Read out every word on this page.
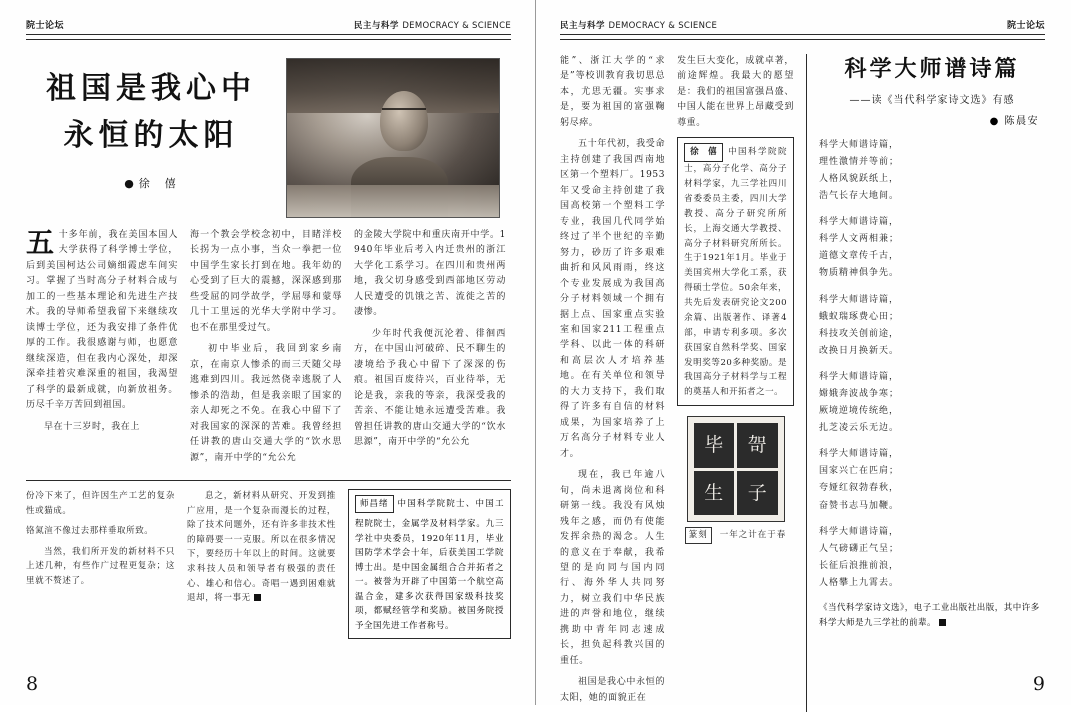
院士论坛	民主与科学 DEMOCRACY & SCIENCE
祖国是我心中
永恒的太阳
● 徐　僖

五十多年前，我在美国本国人大学获得了科学博士学位，后到美国柯达公司嫡细霞虑车间实习。掌握了当时高分子材料合成与加工的一些基本理论和先进生产技术。我的导师希望我留下来继续攻读博士学位，还为我安排了条件优厚的工作。我很感谢与师，也愿意继续深造，但在我内心深处，却深深牵挂着灾难深重的祖国，我渴望了科学的最新成就，向新放祖务。历尽千辛万苦回到祖国。

早在十三岁时，我在上

海一个教会学校念初中，目睹洋校长拐为一点小事，当众一拳把一位中国学生家长打到在地。我年幼的心受到了巨大的震撼，深深感到那些受屈的同学故学，学屈辱和蒙辱几十工里远的光华大学附中学习。也不在那里受过气。

初中毕业后，我回到家乡南京，在南京人惨杀的而三天随父母逃难到四川。我远然侥幸逃脱了人惨杀的浩劫，但是我亲眼了国家的亲人却死之不免。在我心中留下了对我国家的深深的苦难。我曾经担任讲教的唐山交通大学的“饮水思源”，南开中学的“允公允

的金陵大学院中和重庆南开中学。1940年毕业后考入内迁贵州的浙江大学化工系学习。在四川和贵州两地，我父切身感受到西部地区劳动人民遭受的饥饿之苦、流徙之苦的凄惨。

少年时代我便沉沦着、徘徊西方，在中国山河破碎、民不聊生的凄境给予我心中留下了深深的伤痕。祖国百废待兴，百业待举，无论是我，亲我的等亲，我深受我的苦亲、不能让她永远遭受苦难。我曾担任讲教的唐山交通大学的“饮水思源”，南开中学的“允公允

份冷下来了，但许因生产工艺的复杂性或猫成。

铬氮渲不像过去那样垂取所致。

当然，我们所开发的新材料不只上述几种，有些作广过程更复杂；这里就不赘述了。

息之，新材料从研究、开发到推广应用，是一个复杂而漫长的过程，除了技术问题外，还有许多非技术性的障碍要一一克服。所以在很多情况下，要经历十年以上的时间。这就要求科技人员和领导者有极强的责任心、雄心和信心。奇唱一遇到困难就退却，将一事无

师昌绪 中国科学院院士、中国工程院院士，金属学及材料学家。九三学社中央委员，1920年11月，毕业国防学术学会十年，后获美国工学院博士出。是中国金属组合合并拓者之一。被誉为开辟了中国第一个航空高温合金，建多次获得国家级科技奖项，都赋经管学和奖励。被国务院授予全国先进工作者称号。
8
民主与科学 DEMOCRACY & SCIENCE	院士论坛

能”、浙江大学的“求是”等校训教育我切思总本，尤思无疆。实事求是，要为祖国的富强鞠躬尽瘁。

五十年代初，我受命主持创建了我国西南地区第一个塑料厂。1953年又受命主持创建了我国高校第一个塑料工学专业，我国几代同学始终过了半个世纪的辛勤努力，砂历了许多艰难曲折和风风雨雨，终这个专业发展成为我国高分子材料领域一个拥有据上点、国家重点实验室和国家211工程重点学科、以此一体的科研和高层次人才培养基地。在有关单位和领导的大力支持下，我们取得了许多有自信的材料成果，为国家培养了上万名高分子材料专业人才。

现在，我已年逾八旬，尚未退离岗位和科研第一线。我没有风烛残年之感，而仍有使能发挥余热的渴念。人生的意义在于奉献，我希望的是向同与国内同行、海外华人共同努力，树立我们中华民族进的声誉和地位，继续携助中青年同志速成长，担负起科教兴国的重任。

祖国是我心中永恒的太阳，她的面貌正在

发生巨大变化，成就卓著，前途辉煌。我最大的愿望是：我们的祖国富强昌盛、中国人能在世界上昂藏受到尊重。

徐　僖 中国科学院院士，高分子化学、高分子材料学家，九三学社四川省委委员主委，四川大学教授、高分子研究所所长，上海交通大学教授、高分子材料研究所所长。生于1921年1月。毕业于美国宾州大学化工系，获得硕士学位。50余年来，共先后发表研究论文200余篇、出版著作、译著4部，申请专利多项。多次获国家自然科学奖、国家发明奖等20多种奖励。是我国高分子材料学与工程的奠基人和开拓者之一。
毕	哿
生	子
篆刻	一年之计在于春
科学大师谱诗篇
——读《当代科学家诗文选》有感
● 陈晨安
科学大师谱诗篇，
理性激情并等前；
人格风貌跃纸上，
浩气长存大地间。
科学大师谱诗篇，
科学人文两相兼；
道德文章传千古，
物质精神俱争先。
科学大师谱诗篇，
蛾蚁瑞琢费心田；
科技攻关创前途，
改换日月换新天。
科学大师谱诗篇，
嫦娥奔波战争寒；
厥境逆境传统绝，
扎芝凌云乐无边。
科学大师谱诗篇，
国家兴亡在匹肩；
夸娅红叙勃春秋，
奋赞书志马加鞭。
科学大师谱诗篇，
人气磅礴正气呈；
长征后浪推前浪，
人格攀上九霄去。
《当代科学家诗文选》，电子工业出版社出版，其中许多科学大师是九三学社的前辈。
9
